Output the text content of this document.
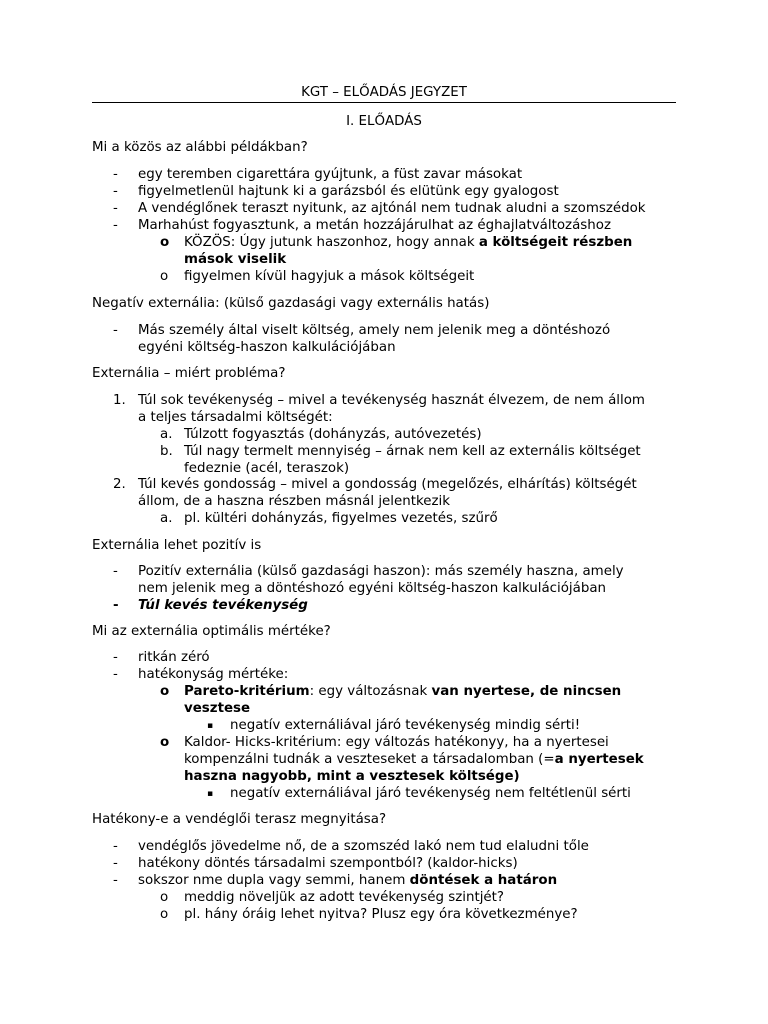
KGT – ELŐADÁS JEGYZET
I. ELŐADÁS
Mi a közös az alábbi példákban?
- egy teremben cigarettára gyújtunk, a füst zavar másokat
- figyelmetlenül hajtunk ki a garázsból és elütünk egy gyalogost
- A vendéglőnek teraszt nyitunk, az ajtónál nem tudnak aludni a szomszédok
- Marhahúst fogyasztunk, a metán hozzájárulhat az éghajlatváltozáshoz
o KÖZÖS: Úgy jutunk haszonhoz, hogy annak a költségeit részben
mások viselik
o figyelmen kívül hagyjuk a mások költségeit
Negatív externália: (külső gazdasági vagy externális hatás)
- Más személy által viselt költség, amely nem jelenik meg a döntéshozó
egyéni költség-haszon kalkulációjában
Externália – miért probléma?
1. Túl sok tevékenység – mivel a tevékenység hasznát élvezem, de nem állom
a teljes társadalmi költségét:
a. Túlzott fogyasztás (dohányzás, autóvezetés)
b. Túl nagy termelt mennyiség – árnak nem kell az externális költséget
fedeznie (acél, teraszok)
2. Túl kevés gondosság – mivel a gondosság (megelőzés, elhárítás) költségét
állom, de a haszna részben másnál jelentkezik
a. pl. kültéri dohányzás, figyelmes vezetés, szűrő
Externália lehet pozitív is
- Pozitív externália (külső gazdasági haszon): más személy haszna, amely
nem jelenik meg a döntéshozó egyéni költség-haszon kalkulációjában
- Túl kevés tevékenység
Mi az externália optimális mértéke?
- ritkán zéró
- hatékonyság mértéke:
o Pareto-kritérium: egy változásnak van nyertese, de nincsen
vesztese
▪ negatív externáliával járó tevékenység mindig sérti!
o Kaldor- Hicks-kritérium: egy változás hatékonyy, ha a nyertesei
kompenzálni tudnák a veszteseket a társadalomban (=a nyertesek
haszna nagyobb, mint a vesztesek költsége)
▪ negatív externáliával járó tevékenység nem feltétlenül sérti
Hatékony-e a vendéglői terasz megnyitása?
- vendéglős jövedelme nő, de a szomszéd lakó nem tud elaludni tőle
- hatékony döntés társadalmi szempontból? (kaldor-hicks)
- sokszor nme dupla vagy semmi, hanem döntések a határon
o meddig növeljük az adott tevékenység szintjét?
o pl. hány óráig lehet nyitva? Plusz egy óra következménye?
